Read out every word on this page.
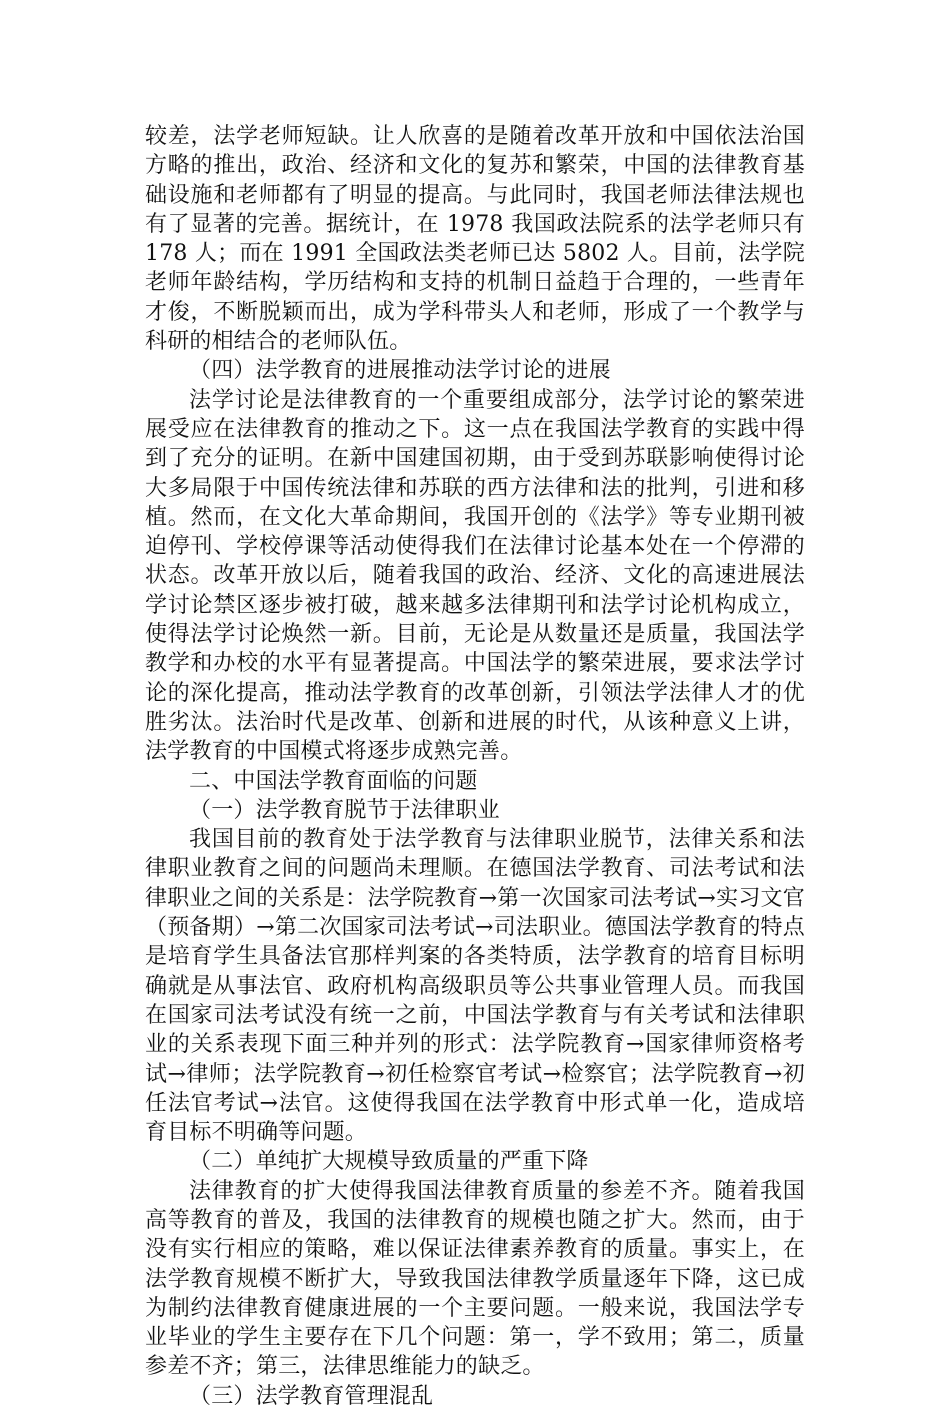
较差，法学老师短缺。让人欣喜的是随着改革开放和中国依法治国方略的推出，政治、经济和文化的复苏和繁荣，中国的法律教育基础设施和老师都有了明显的提高。与此同时，我国老师法律法规也有了显著的完善。据统计，在 1978 我国政法院系的法学老师只有 178 人；而在 1991 全国政法类老师已达 5802 人。目前，法学院老师年龄结构，学历结构和支持的机制日益趋于合理的，一些青年才俊，不断脱颖而出，成为学科带头人和老师，形成了一个教学与科研的相结合的老师队伍。

（四）法学教育的进展推动法学讨论的进展

法学讨论是法律教育的一个重要组成部分，法学讨论的繁荣进展受应在法律教育的推动之下。这一点在我国法学教育的实践中得到了充分的证明。在新中国建国初期，由于受到苏联影响使得讨论大多局限于中国传统法律和苏联的西方法律和法的批判，引进和移植。然而，在文化大革命期间，我国开创的《法学》等专业期刊被迫停刊、学校停课等活动使得我们在法律讨论基本处在一个停滞的状态。改革开放以后，随着我国的政治、经济、文化的高速进展法学讨论禁区逐步被打破，越来越多法律期刊和法学讨论机构成立，使得法学讨论焕然一新。目前，无论是从数量还是质量，我国法学教学和办校的水平有显著提高。中国法学的繁荣进展，要求法学讨论的深化提高，推动法学教育的改革创新，引领法学法律人才的优胜劣汰。法治时代是改革、创新和进展的时代，从该种意义上讲，法学教育的中国模式将逐步成熟完善。

二、中国法学教育面临的问题

（一）法学教育脱节于法律职业

我国目前的教育处于法学教育与法律职业脱节，法律关系和法律职业教育之间的问题尚未理顺。在德国法学教育、司法考试和法律职业之间的关系是：法学院教育→第一次国家司法考试→实习文官（预备期）→第二次国家司法考试→司法职业。德国法学教育的特点是培育学生具备法官那样判案的各类特质，法学教育的培育目标明确就是从事法官、政府机构高级职员等公共事业管理人员。而我国在国家司法考试没有统一之前，中国法学教育与有关考试和法律职业的关系表现下面三种并列的形式：法学院教育→国家律师资格考试→律师；法学院教育→初任检察官考试→检察官；法学院教育→初任法官考试→法官。这使得我国在法学教育中形式单一化，造成培育目标不明确等问题。

（二）单纯扩大规模导致质量的严重下降

法律教育的扩大使得我国法律教育质量的参差不齐。随着我国高等教育的普及，我国的法律教育的规模也随之扩大。然而，由于没有实行相应的策略，难以保证法律素养教育的质量。事实上，在法学教育规模不断扩大，导致我国法律教学质量逐年下降，这已成为制约法律教育健康进展的一个主要问题。一般来说，我国法学专业毕业的学生主要存在下几个问题：第一，学不致用；第二，质量参差不齐；第三，法律思维能力的缺乏。

（三）法学教育管理混乱
